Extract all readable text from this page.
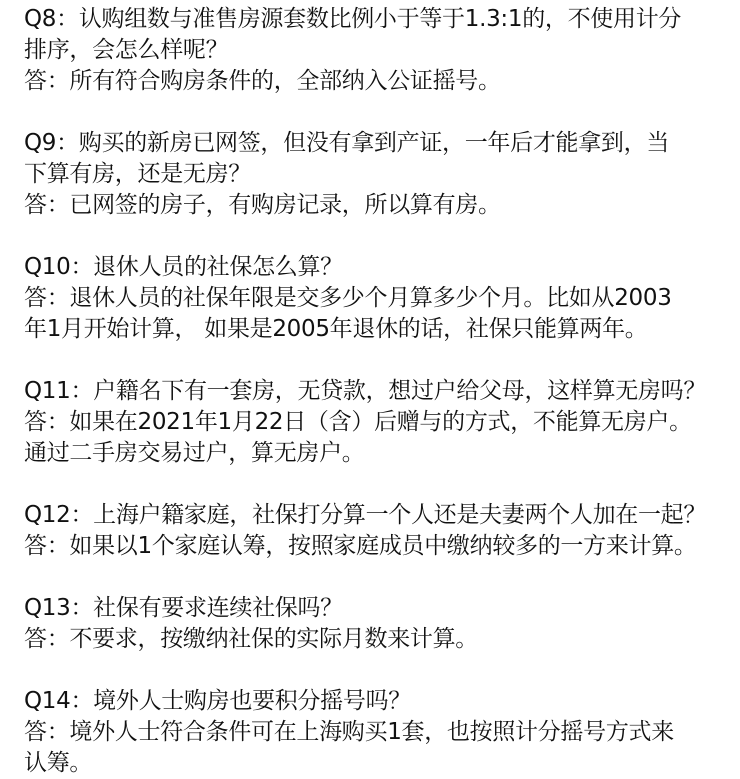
Q8：认购组数与准售房源套数比例小于等于1.3:1的，不使用计分
排序，会怎么样呢？
答：所有符合购房条件的，全部纳入公证摇号。
Q9：购买的新房已网签，但没有拿到产证，一年后才能拿到，当
下算有房，还是无房？
答：已网签的房子，有购房记录，所以算有房。
Q10：退休人员的社保怎么算？
答：退休人员的社保年限是交多少个月算多少个月。比如从2003
年1月开始计算， 如果是2005年退休的话，社保只能算两年。
Q11：户籍名下有一套房，无贷款，想过户给父母，这样算无房吗？
答：如果在2021年1月22日（含）后赠与的方式，不能算无房户。
通过二手房交易过户，算无房户。
Q12：上海户籍家庭，社保打分算一个人还是夫妻两个人加在一起？
答：如果以1个家庭认筹，按照家庭成员中缴纳较多的一方来计算。
Q13：社保有要求连续社保吗？
答：不要求，按缴纳社保的实际月数来计算。
Q14：境外人士购房也要积分摇号吗？
答：境外人士符合条件可在上海购买1套，也按照计分摇号方式来
认筹。
